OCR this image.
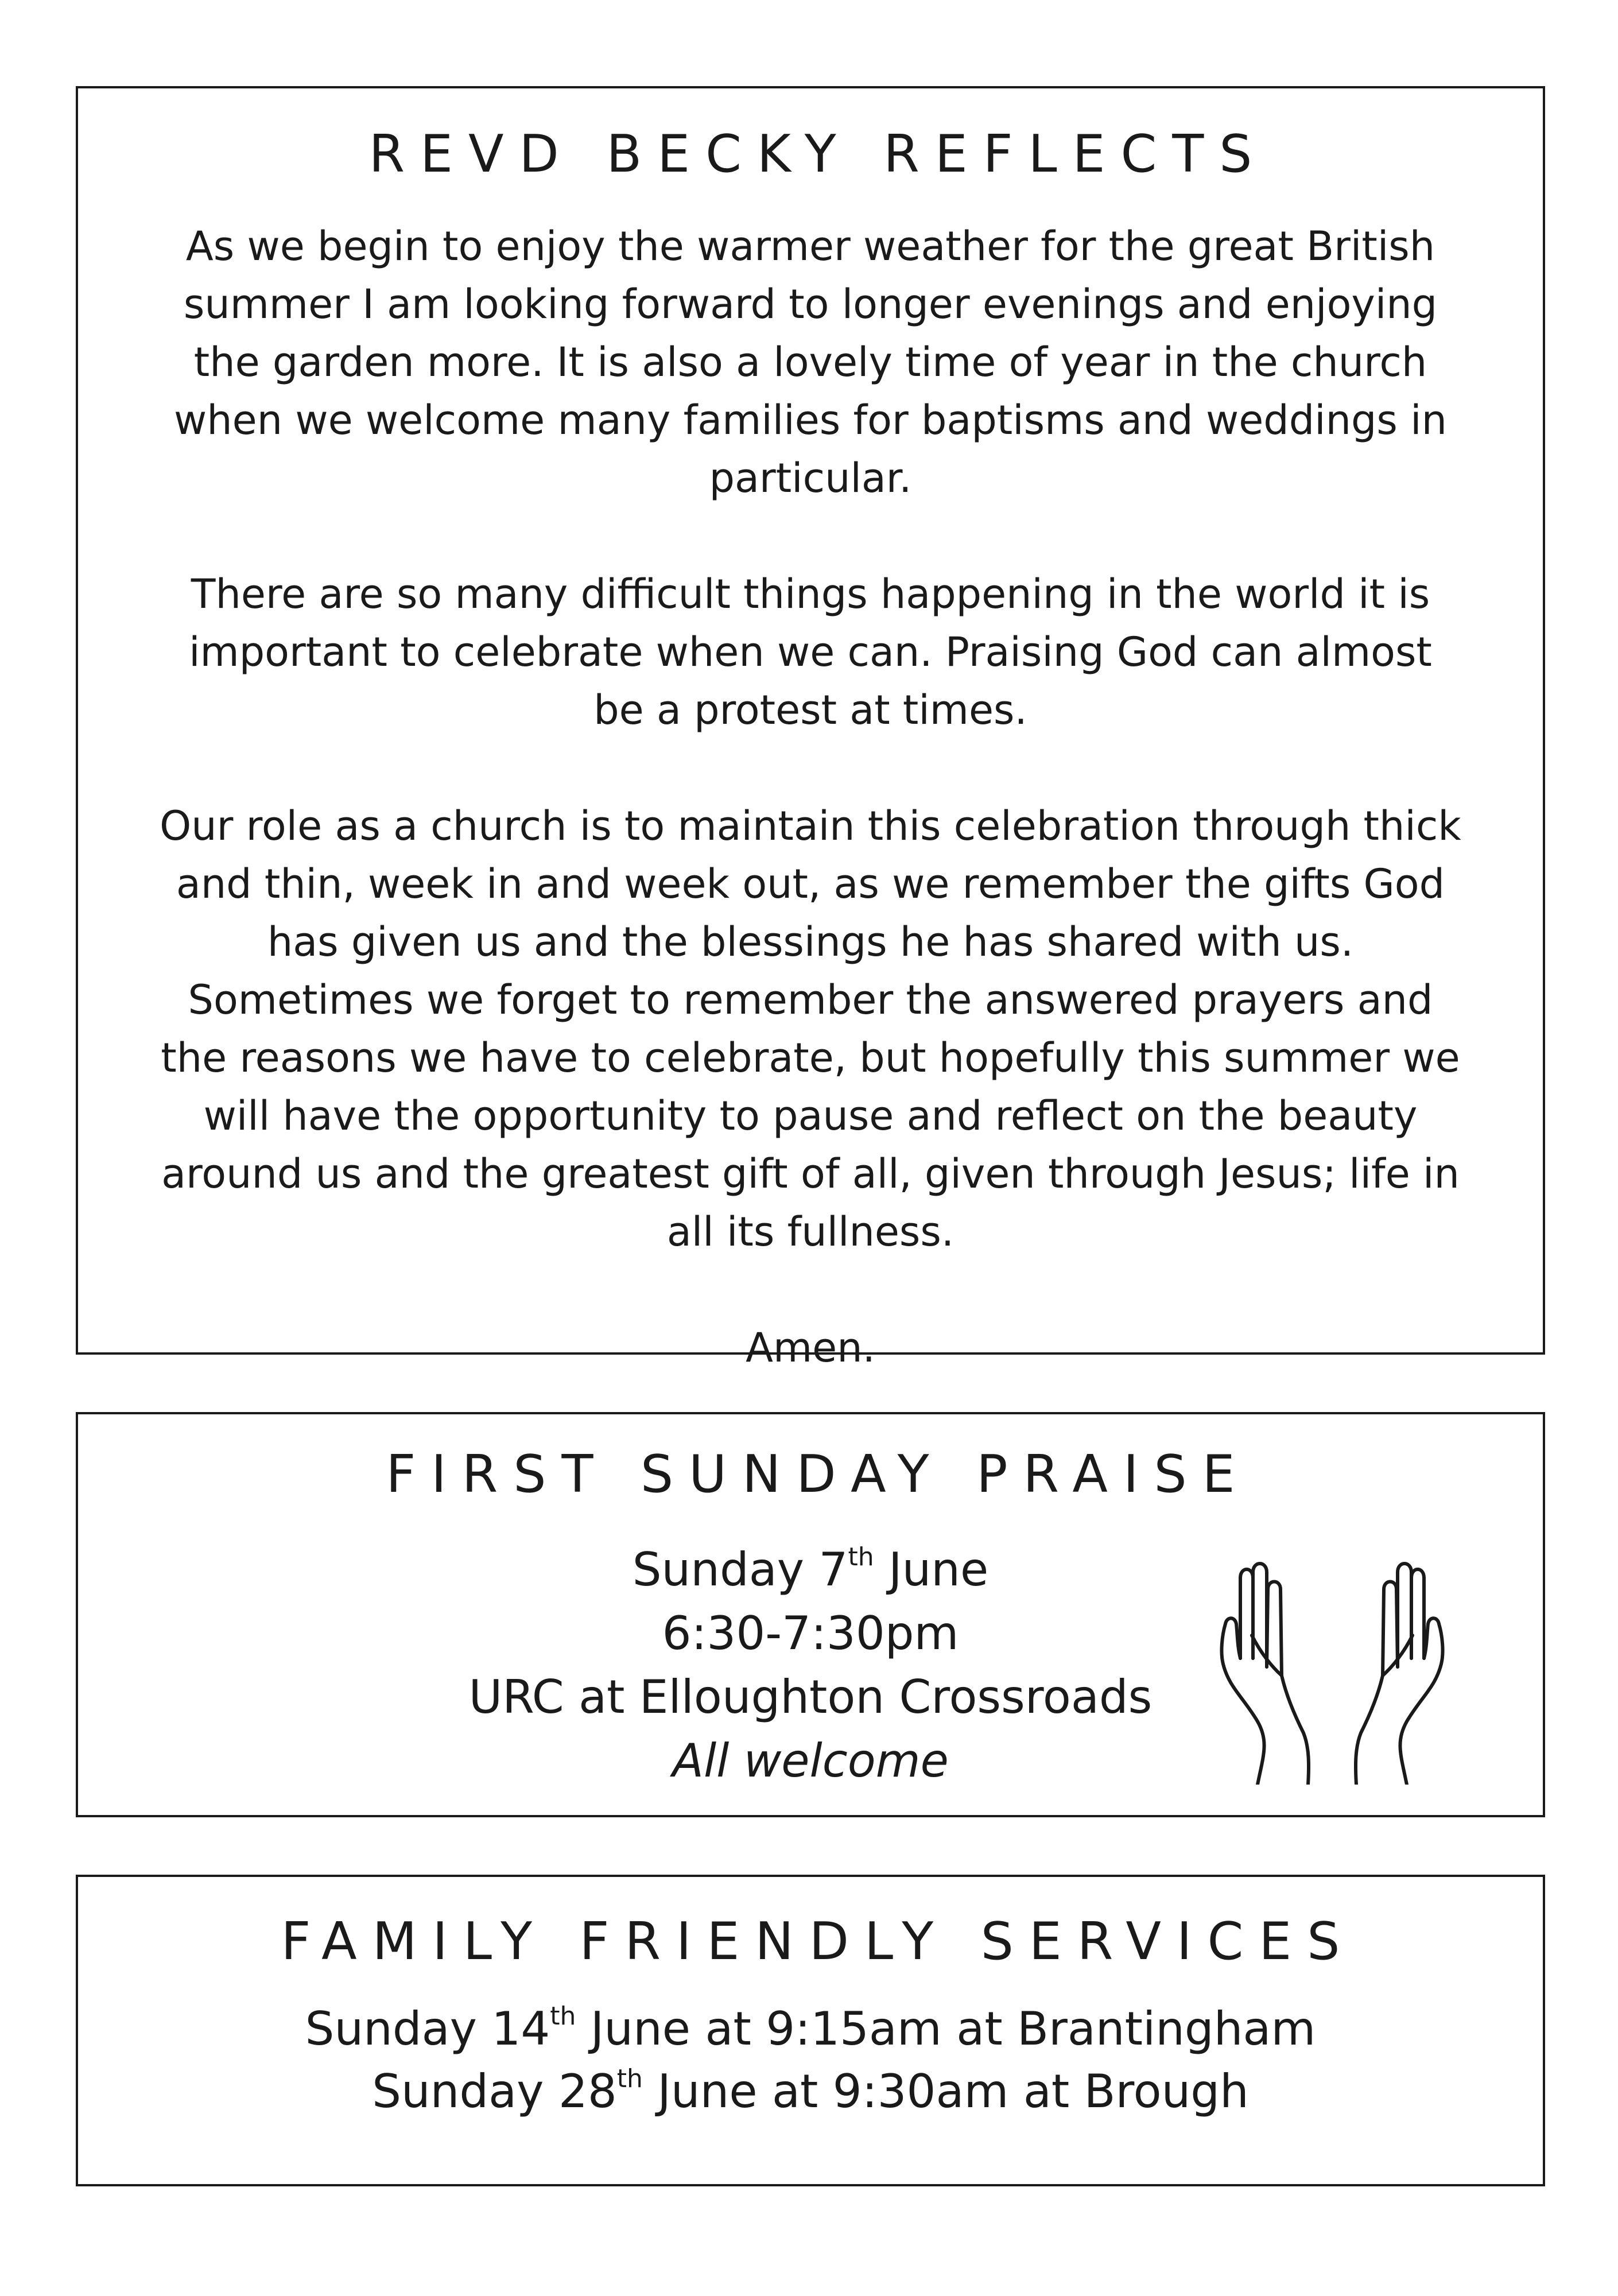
REVD BECKY REFLECTS

As we begin to enjoy the warmer weather for the great British summer I am looking forward to longer evenings and enjoying the garden more. It is also a lovely time of year in the church when we welcome many families for baptisms and weddings in particular.

There are so many difficult things happening in the world it is important to celebrate when we can. Praising God can almost be a protest at times.

Our role as a church is to maintain this celebration through thick and thin, week in and week out, as we remember the gifts God has given us and the blessings he has shared with us. Sometimes we forget to remember the answered prayers and the reasons we have to celebrate, but hopefully this summer we will have the opportunity to pause and reflect on the beauty around us and the greatest gift of all, given through Jesus; life in all its fullness.

Amen.

FIRST SUNDAY PRAISE
Sunday 7th June
6:30-7:30pm
URC at Elloughton Crossroads
All welcome
FAMILY FRIENDLY SERVICES
Sunday 14th June at 9:15am at Brantingham
Sunday 28th June at 9:30am at Brough
